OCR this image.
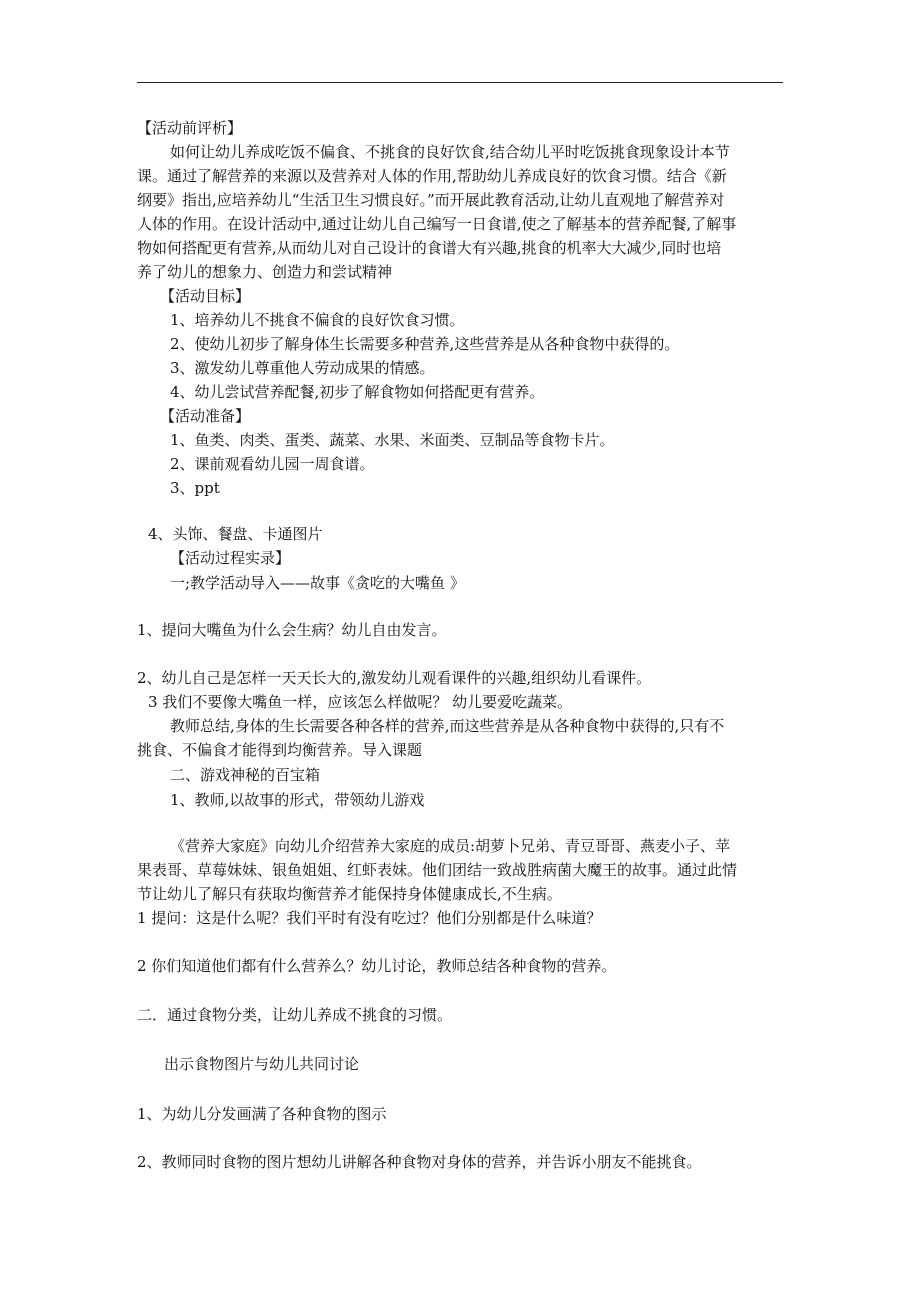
【活动前评析】
如何让幼儿养成吃饭不偏食、不挑食的良好饮食,结合幼儿平时吃饭挑食现象设计本节
课。通过了解营养的来源以及营养对人体的作用,帮助幼儿养成良好的饮食习惯。结合《新
纲要》指出,应培养幼儿“生活卫生习惯良好。”而开展此教育活动,让幼儿直观地了解营养对
人体的作用。在设计活动中,通过让幼儿自己编写一日食谱,使之了解基本的营养配餐,了解事
物如何搭配更有营养,从而幼儿对自己设计的食谱大有兴趣,挑食的机率大大减少,同时也培
养了幼儿的想象力、创造力和尝试精神
【活动目标】
1、培养幼儿不挑食不偏食的良好饮食习惯。
2、使幼儿初步了解身体生长需要多种营养,这些营养是从各种食物中获得的。
3、激发幼儿尊重他人劳动成果的情感。
4、幼儿尝试营养配餐,初步了解食物如何搭配更有营养。
【活动准备】
1、鱼类、肉类、蛋类、蔬菜、水果、米面类、豆制品等食物卡片。
2、课前观看幼儿园一周食谱。
3、ppt
4、头饰、餐盘、卡通图片
【活动过程实录】
一;教学活动导入——故事《贪吃的大嘴鱼 》
1、提问大嘴鱼为什么会生病？幼儿自由发言。
2、幼儿自己是怎样一天天长大的,激发幼儿观看课件的兴趣,组织幼儿看课件。
3 我们不要像大嘴鱼一样，应该怎么样做呢？ 幼儿要爱吃蔬菜。
教师总结,身体的生长需要各种各样的营养,而这些营养是从各种食物中获得的,只有不
挑食、不偏食才能得到均衡营养。导入课题
二、游戏神秘的百宝箱
1、教师,以故事的形式，带领幼儿游戏
《营养大家庭》向幼儿介绍营养大家庭的成员:胡萝卜兄弟、青豆哥哥、燕麦小子、苹
果表哥、草莓妹妹、银鱼姐姐、红虾表妹。他们团结一致战胜病菌大魔王的故事。通过此情
节让幼儿了解只有获取均衡营养才能保持身体健康成长,不生病。
1 提问：这是什么呢？我们平时有没有吃过？他们分别都是什么味道？
2 你们知道他们都有什么营养么？幼儿讨论，教师总结各种食物的营养。
二．通过食物分类，让幼儿养成不挑食的习惯。
出示食物图片与幼儿共同讨论
1、为幼儿分发画满了各种食物的图示
2、教师同时食物的图片想幼儿讲解各种食物对身体的营养，并告诉小朋友不能挑食。
